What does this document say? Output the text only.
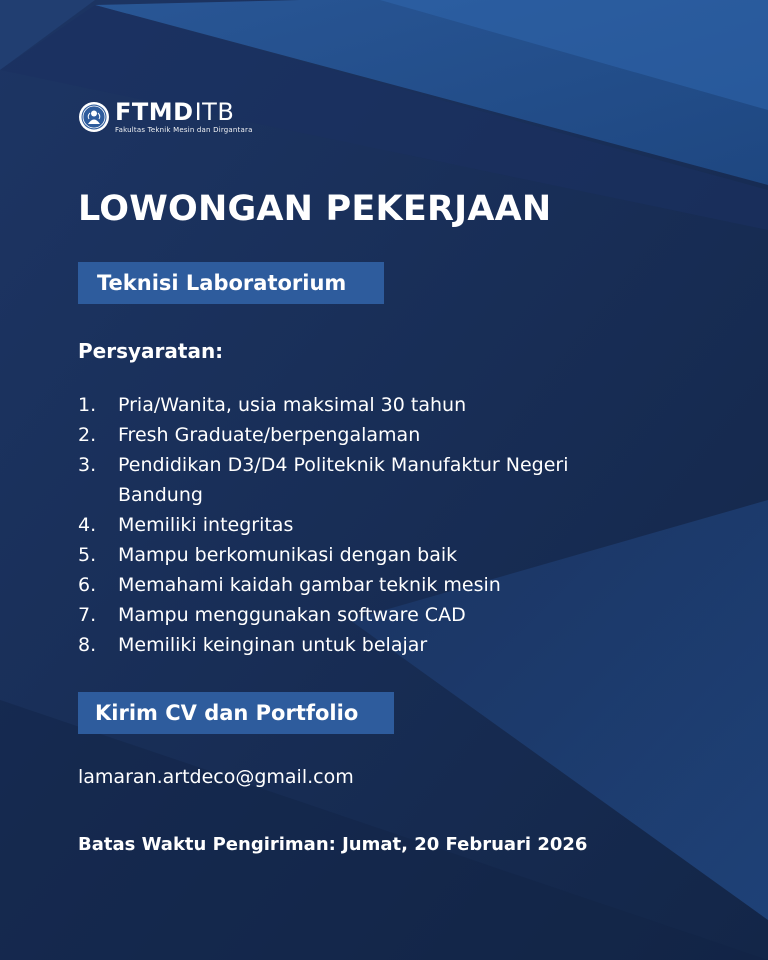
FTMD ITB
Fakultas Teknik Mesin dan Dirgantara
LOWONGAN PEKERJAAN
Teknisi Laboratorium
Persyaratan:
1.	Pria/Wanita, usia maksimal 30 tahun
2.	Fresh Graduate/berpengalaman
3.	Pendidikan D3/D4 Politeknik Manufaktur Negeri Bandung
4.	Memiliki integritas
5.	Mampu berkomunikasi dengan baik
6.	Memahami kaidah gambar teknik mesin
7.	Mampu menggunakan software CAD
8.	Memiliki keinginan untuk belajar
Kirim CV dan Portfolio
lamaran.artdeco@gmail.com
Batas Waktu Pengiriman: Jumat, 20 Februari 2026
